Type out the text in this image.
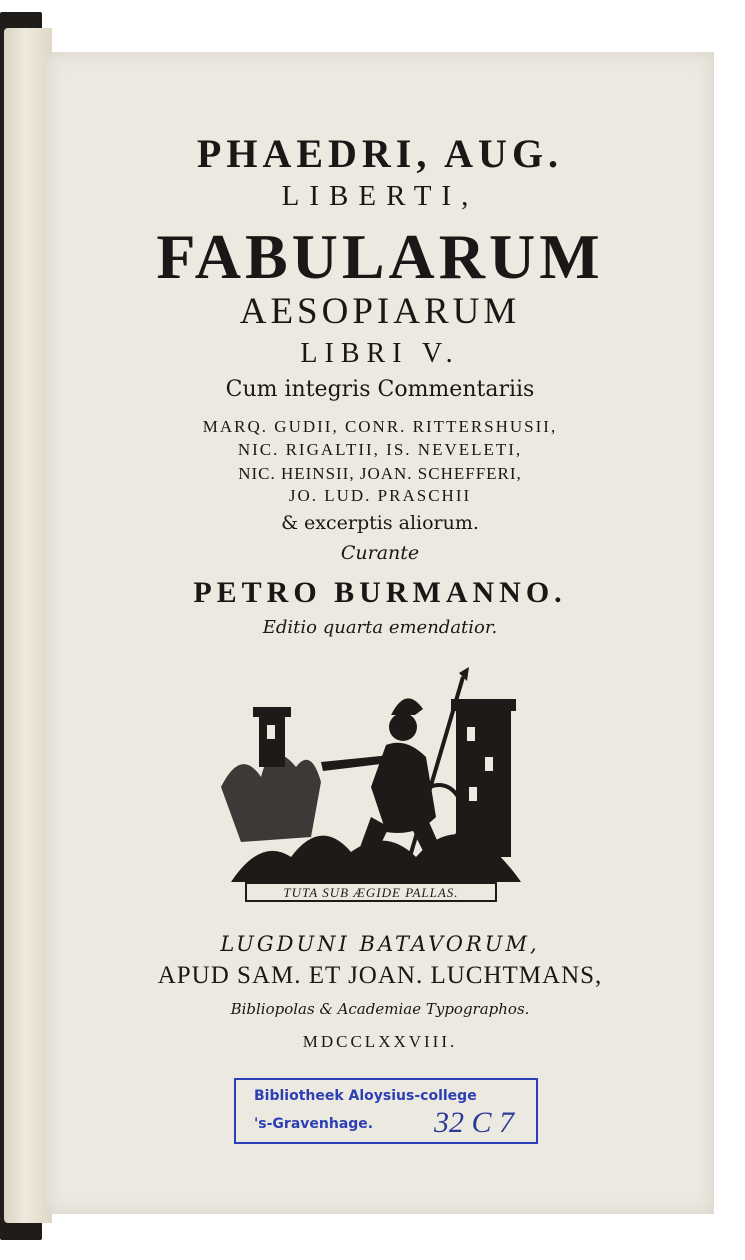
PHAEDRI, AUG.
LIBERTI,
FABULARUM
AESOPIARUM
LIBRI V.
Cum integris Commentariis
MARQ. GUDII, CONR. RITTERSHUSII,
NIC. RIGALTII, IS. NEVELETI,
NIC. HEINSII, JOAN. SCHEFFERI,
JO. LUD. PRASCHII
& excerptis aliorum.
Curante
PETRO BURMANNO.
Editio quarta emendatior.
TUTA SUB ÆGIDE PALLAS.
LUGDUNI BATAVORUM,
APUD SAM. ET JOAN. LUCHTMANS,
Bibliopolas & Academiae Typographos.
MDCCLXXVIII.
Bibliotheek Aloysius-college
's-Gravenhage. 32 C 7
